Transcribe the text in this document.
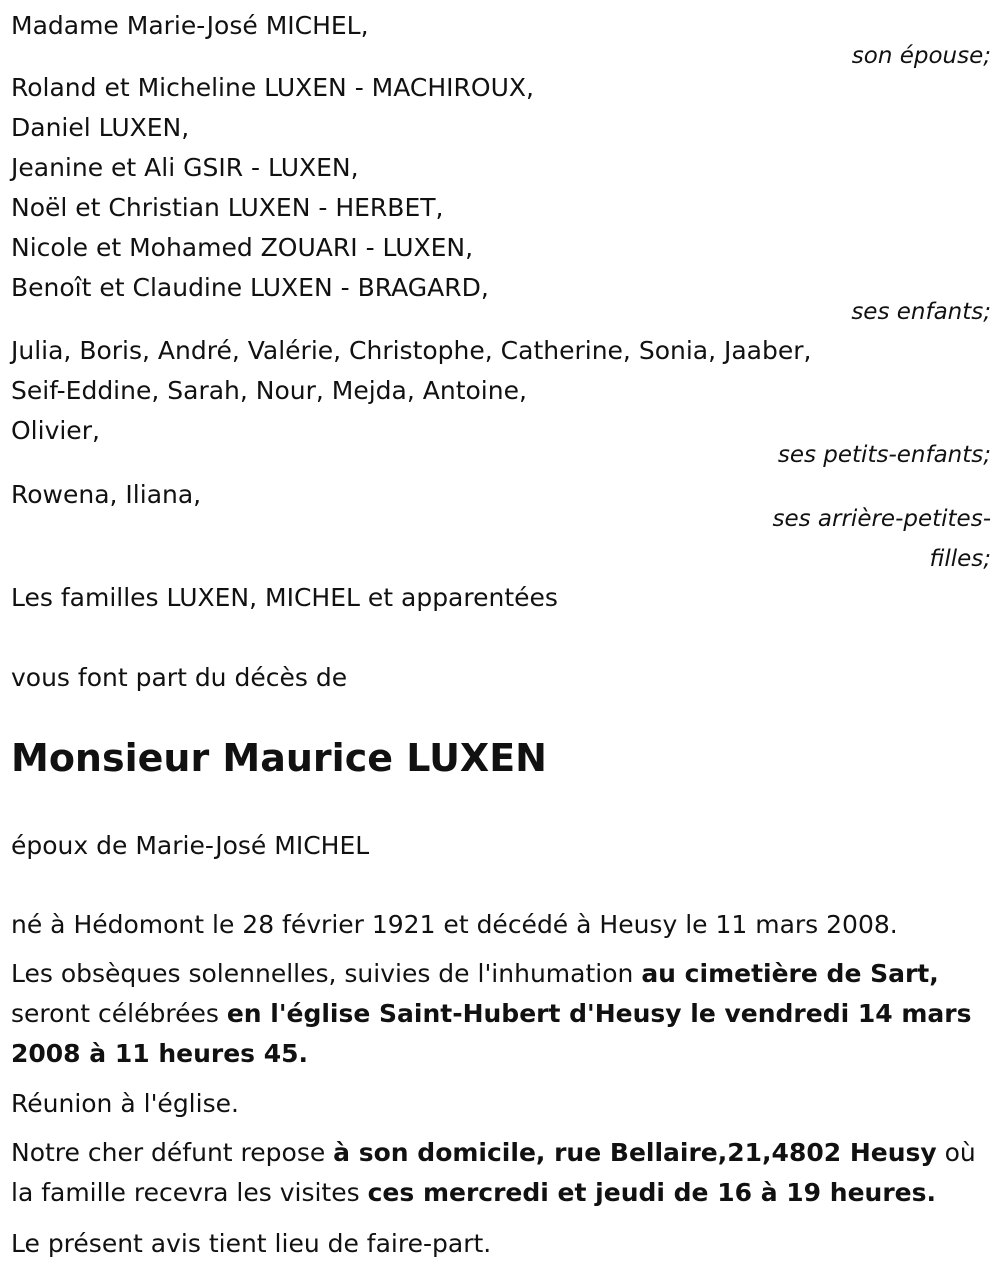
Madame Marie-José MICHEL,
son épouse;
Roland et Micheline LUXEN - MACHIROUX,
Daniel LUXEN,
Jeanine et Ali GSIR - LUXEN,
Noël et Christian LUXEN - HERBET,
Nicole et Mohamed ZOUARI - LUXEN,
Benoît et Claudine LUXEN - BRAGARD,
ses enfants;
Julia, Boris, André, Valérie, Christophe, Catherine, Sonia, Jaaber,
Seif-Eddine, Sarah, Nour, Mejda, Antoine,
Olivier,
ses petits-enfants;
Rowena, Iliana,
ses arrière-petites-
filles;
Les familles LUXEN, MICHEL et apparentées
vous font part du décès de
Monsieur Maurice LUXEN
époux de Marie-José MICHEL
né à Hédomont le 28 février 1921 et décédé à Heusy le 11 mars 2008.
Les obsèques solennelles, suivies de l'inhumation au cimetière de Sart,
seront célébrées en l'église Saint-Hubert d'Heusy le vendredi 14 mars
2008 à 11 heures 45.
Réunion à l'église.
Notre cher défunt repose à son domicile, rue Bellaire,21,4802 Heusy où
la famille recevra les visites ces mercredi et jeudi de 16 à 19 heures.
Le présent avis tient lieu de faire-part.
